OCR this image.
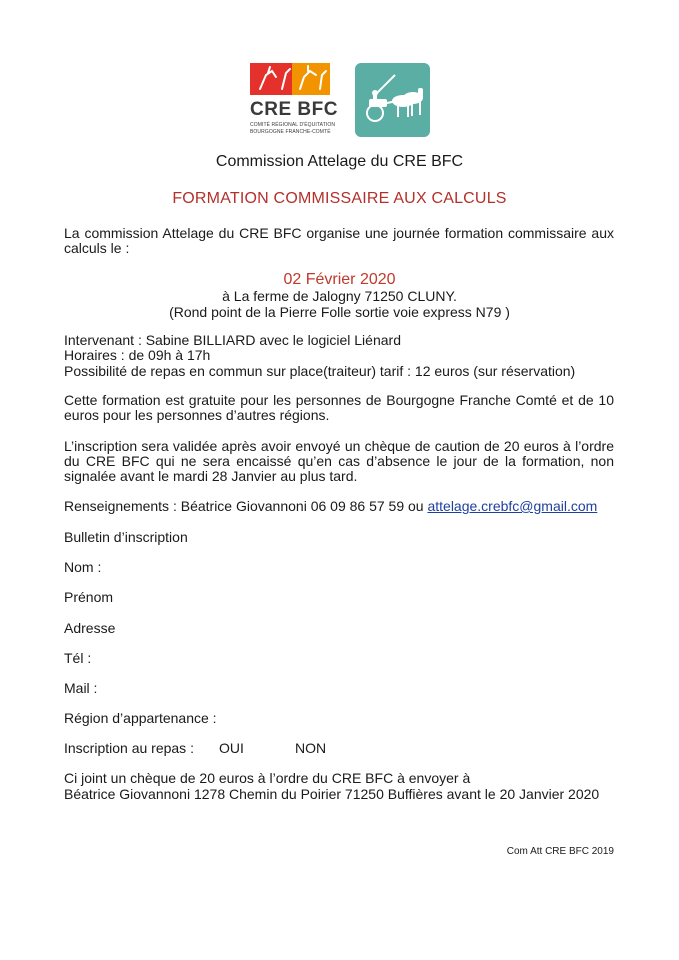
CRE BFC
COMITÉ RÉGIONAL D'ÉQUITATION
BOURGOGNE FRANCHE-COMTÉ
Commission Attelage du CRE BFC
FORMATION COMMISSAIRE AUX CALCULS
La commission Attelage du CRE BFC organise une journée formation commissaire aux calculs le :
02 Février 2020
à La ferme de Jalogny 71250 CLUNY.
(Rond point de la Pierre Folle sortie voie express N79 )
Intervenant : Sabine BILLIARD avec le logiciel Liénard
Horaires : de 09h à 17h
Possibilité de repas en commun sur place(traiteur) tarif : 12 euros (sur réservation)
Cette formation est gratuite pour les personnes de Bourgogne Franche Comté et de 10 euros pour les personnes d’autres régions.
L’inscription sera validée après avoir envoyé un chèque de caution de 20 euros à l’ordre du CRE BFC qui ne sera encaissé qu’en cas d’absence le jour de la formation, non signalée avant le mardi 28 Janvier au plus tard.
Renseignements : Béatrice Giovannoni 06 09 86 57 59 ou attelage.crebfc@gmail.com
Bulletin d’inscription
Nom :
Prénom
Adresse
Tél :
Mail :
Région d’appartenance :
Inscription au repas : OUI	NON
Ci joint un chèque de 20 euros à l’ordre du CRE BFC à envoyer à
Béatrice Giovannoni 1278 Chemin du Poirier 71250 Buffières avant le 20 Janvier 2020
Com Att CRE BFC 2019
